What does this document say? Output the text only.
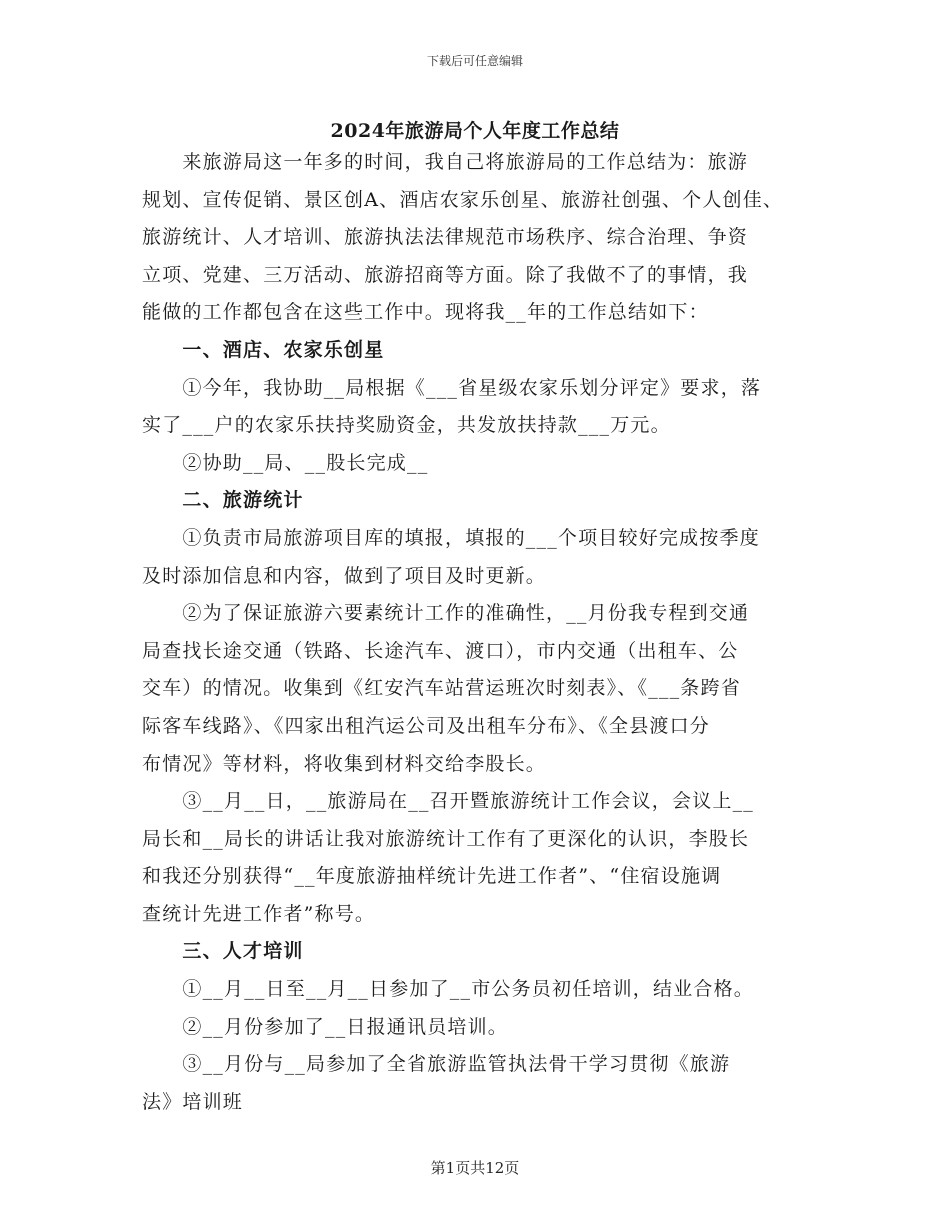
下载后可任意编辑
2024年旅游局个人年度工作总结
　　来旅游局这一年多的时间，我自己将旅游局的工作总结为：旅游
规划、宣传促销、景区创A、酒店农家乐创星、旅游社创强、个人创佳、
旅游统计、人才培训、旅游执法法律规范市场秩序、综合治理、争资
立项、党建、三万活动、旅游招商等方面。除了我做不了的事情，我
能做的工作都包含在这些工作中。现将我__年的工作总结如下：
　　一、酒店、农家乐创星
　　①今年，我协助__局根据《___省星级农家乐划分评定》要求，落
实了___户的农家乐扶持奖励资金，共发放扶持款___万元。
　　②协助__局、__股长完成__
　　二、旅游统计
　　①负责市局旅游项目库的填报，填报的___个项目较好完成按季度
及时添加信息和内容，做到了项目及时更新。
　　②为了保证旅游六要素统计工作的准确性，__月份我专程到交通
局查找长途交通（铁路、长途汽车、渡口），市内交通（出租车、公
交车）的情况。收集到《红安汽车站营运班次时刻表》、《___条跨省
际客车线路》、《四家出租汽运公司及出租车分布》、《全县渡口分
布情况》等材料，将收集到材料交给李股长。
　　③__月__日，__旅游局在__召开暨旅游统计工作会议，会议上__
局长和__局长的讲话让我对旅游统计工作有了更深化的认识，李股长
和我还分别获得“__年度旅游抽样统计先进工作者”、“住宿设施调
查统计先进工作者”称号。
　　三、人才培训
　　①__月__日至__月__日参加了__市公务员初任培训，结业合格。
　　②__月份参加了__日报通讯员培训。
　　③__月份与__局参加了全省旅游监管执法骨干学习贯彻《旅游
法》培训班
第1页共12页
